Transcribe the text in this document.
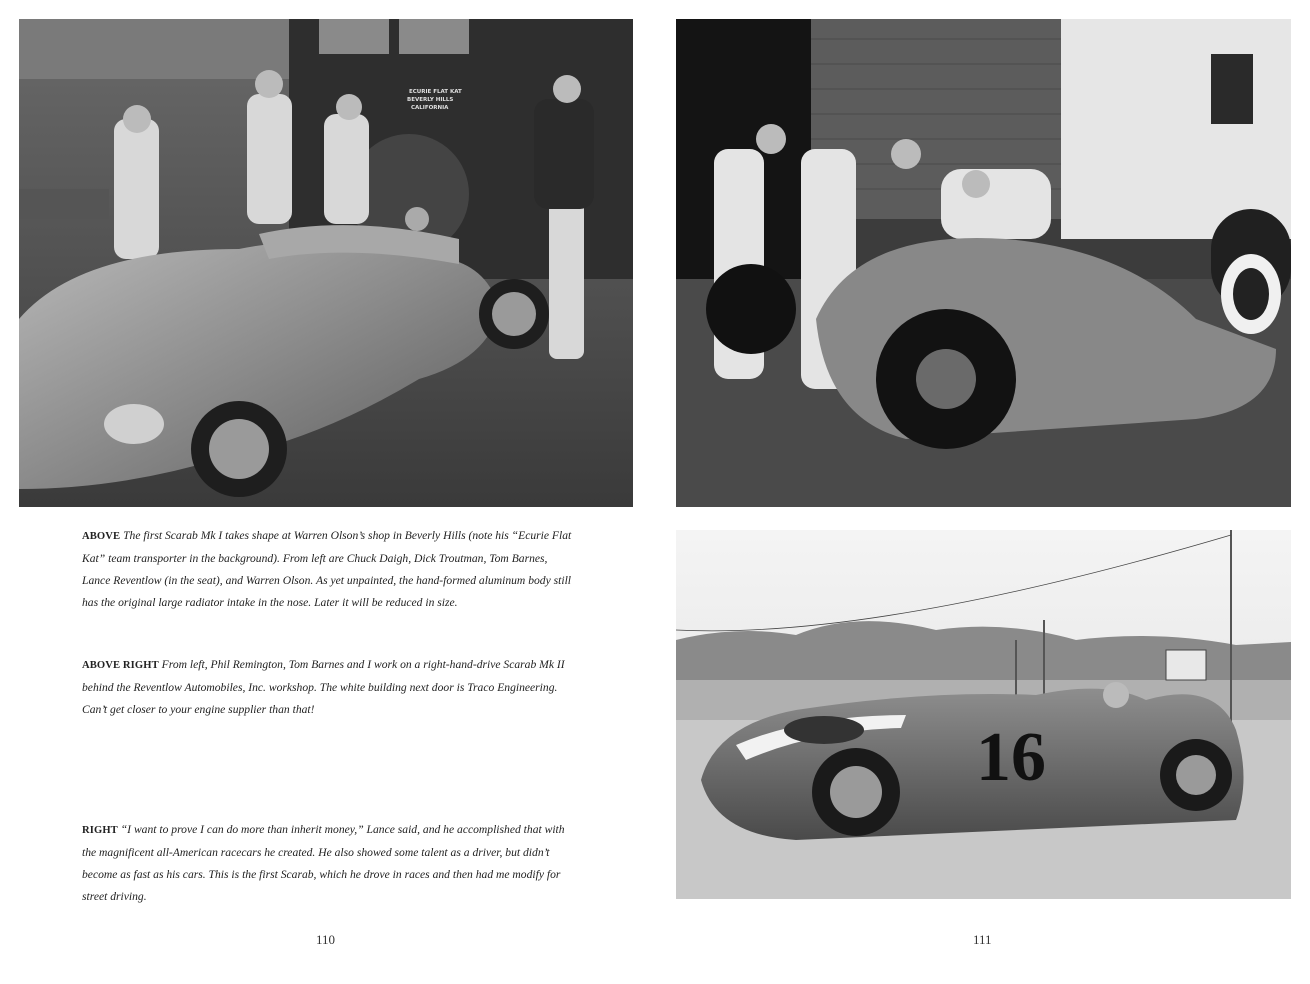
ECURIE FLAT KAT
BEVERLY HILLS
CALIFORNIA
16
ABOVE The first Scarab Mk I takes shape at Warren Olson’s shop in Beverly Hills (note his “Ecurie Flat Kat” team transporter in the background). From left are Chuck Daigh, Dick Troutman, Tom Barnes, Lance Reventlow (in the seat), and Warren Olson. As yet unpainted, the hand-formed aluminum body still has the original large radiator intake in the nose. Later it will be reduced in size.
ABOVE RIGHT From left, Phil Remington, Tom Barnes and I work on a right-hand-drive Scarab Mk II behind the Reventlow Automobiles, Inc. workshop. The white building next door is Traco Engineering. Can’t get closer to your engine supplier than that!
RIGHT “I want to prove I can do more than inherit money,” Lance said, and he accomplished that with the magnificent all-American racecars he created. He also showed some talent as a driver, but didn’t become as fast as his cars. This is the first Scarab, which he drove in races and then had me modify for street driving.
110	111
